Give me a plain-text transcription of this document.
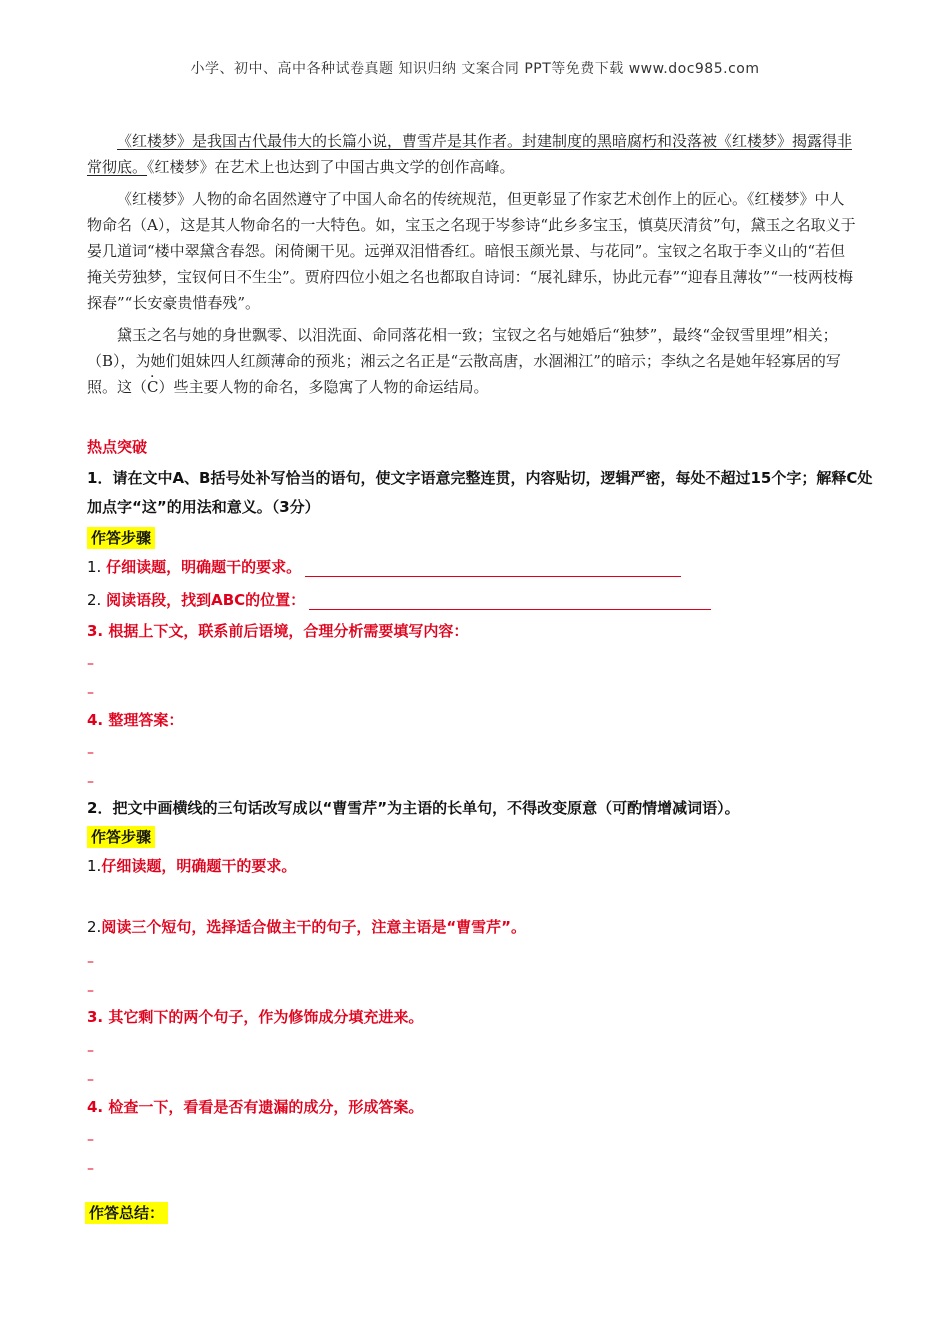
小学、初中、高中各种试卷真题 知识归纳 文案合同 PPT等免费下载 www.doc985.com

《红楼梦》是我国古代最伟大的长篇小说，曹雪芹是其作者。封建制度的黑暗腐朽和没落被《红楼梦》揭露得非常彻底。《红楼梦》在艺术上也达到了中国古典文学的创作高峰。

《红楼梦》人物的命名固然遵守了中国人命名的传统规范，但更彰显了作家艺术创作上的匠心。《红楼梦》中人物命名（A），这是其人物命名的一大特色。如，宝玉之名现于岑参诗“此乡多宝玉，慎莫厌清贫”句，黛玉之名取义于晏几道词“楼中翠黛含春怨。闲倚阑干见。远弹双泪惜香红。暗恨玉颜光景、与花同”。宝钗之名取于李义山的“若但掩关劳独梦，宝钗何日不生尘”。贾府四位小姐之名也都取自诗词：“展礼肆乐，协此元春”“迎春且薄妆”“一枝两枝梅探春”“长安豪贵惜春残”。

黛玉之名与她的身世飘零、以泪洗面、命同落花相一致；宝钗之名与她婚后“独梦”，最终“金钗雪里埋”相关；（B），为她们姐妹四人红颜薄命的预兆；湘云之名正是“云散高唐，水涸湘江”的暗示；李纨之名是她年轻寡居的写照。· 这（C）些主要人物的命名，多隐寓了人物的命运结局。

热点突破
1．请在文中A、B括号处补写恰当的语句，使文字语意完整连贯，内容贴切，逻辑严密，每处不超过15个字；解释C处加点字“这”的用法和意义。（3分）
作答步骤
1. 仔细读题，明确题干的要求。
2. 阅读语段，找到ABC的位置：
3. 根据上下文，联系前后语境，合理分析需要填写内容：
–
–
4. 整理答案：
–
–
2．把文中画横线的三句话改写成以“曹雪芹”为主语的长单句，不得改变原意（可酌情增减词语）。
作答步骤
1.仔细读题，明确题干的要求。
2.阅读三个短句，选择适合做主干的句子，注意主语是“曹雪芹”。
–
–
3. 其它剩下的两个句子，作为修饰成分填充进来。
–
–
4. 检查一下，看看是否有遗漏的成分，形成答案。
–
–
作答总结：
